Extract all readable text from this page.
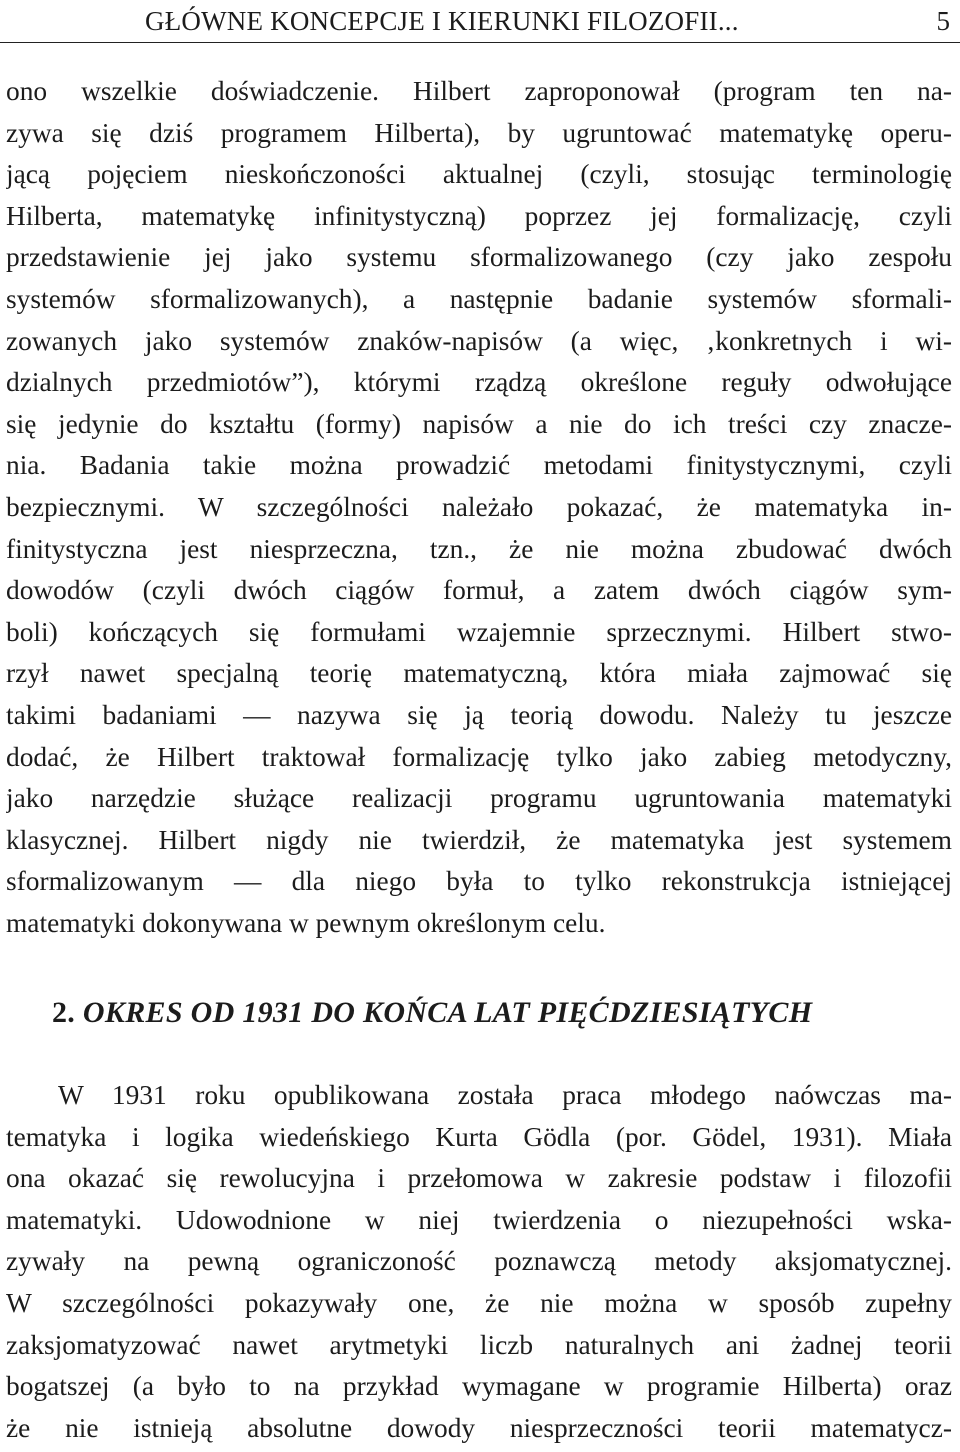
GŁÓWNE KONCEPCJE I KIERUNKI FILOZOFII...	5
ono wszelkie doświadczenie. Hilbert zaproponował (program ten na-
zywa się dziś programem Hilberta), by ugruntować matematykę operu-
jącą pojęciem nieskończoności aktualnej (czyli, stosując terminologię
Hilberta, matematykę infinitystyczną) poprzez jej formalizację, czyli
przedstawienie jej jako systemu sformalizowanego (czy jako zespołu
systemów sformalizowanych), a następnie badanie systemów sformali-
zowanych jako systemów znaków-napisów (a więc, ‚konkretnych i wi-
dzialnych przedmiotów”), którymi rządzą określone reguły odwołujące
się jedynie do kształtu (formy) napisów a nie do ich treści czy znacze-
nia. Badania takie można prowadzić metodami finitystycznymi, czyli
bezpiecznymi. W szczególności należało pokazać, że matematyka in-
finitystyczna jest niesprzeczna, tzn., że nie można zbudować dwóch
dowodów (czyli dwóch ciągów formuł, a zatem dwóch ciągów sym-
boli) kończących się formułami wzajemnie sprzecznymi. Hilbert stwo-
rzył nawet specjalną teorię matematyczną, która miała zajmować się
takimi badaniami — nazywa się ją teorią dowodu. Należy tu jeszcze
dodać, że Hilbert traktował formalizację tylko jako zabieg metodyczny,
jako narzędzie służące realizacji programu ugruntowania matematyki
klasycznej. Hilbert nigdy nie twierdził, że matematyka jest systemem
sformalizowanym — dla niego była to tylko rekonstrukcja istniejącej
matematyki dokonywana w pewnym określonym celu.
2. OKRES OD 1931 DO KOŃCA LAT PIĘĆDZIESIĄTYCH
W 1931 roku opublikowana została praca młodego naówczas ma-
tematyka i logika wiedeńskiego Kurta Gödla (por. Gödel, 1931). Miała
ona okazać się rewolucyjna i przełomowa w zakresie podstaw i filozofii
matematyki. Udowodnione w niej twierdzenia o niezupełności wska-
zywały na pewną ograniczoność poznawczą metody aksjomatycznej.
W szczególności pokazywały one, że nie można w sposób zupełny
zaksjomatyzować nawet arytmetyki liczb naturalnych ani żadnej teorii
bogatszej (a było to na przykład wymagane w programie Hilberta) oraz
że nie istnieją absolutne dowody niesprzeczności teorii matematycz-
